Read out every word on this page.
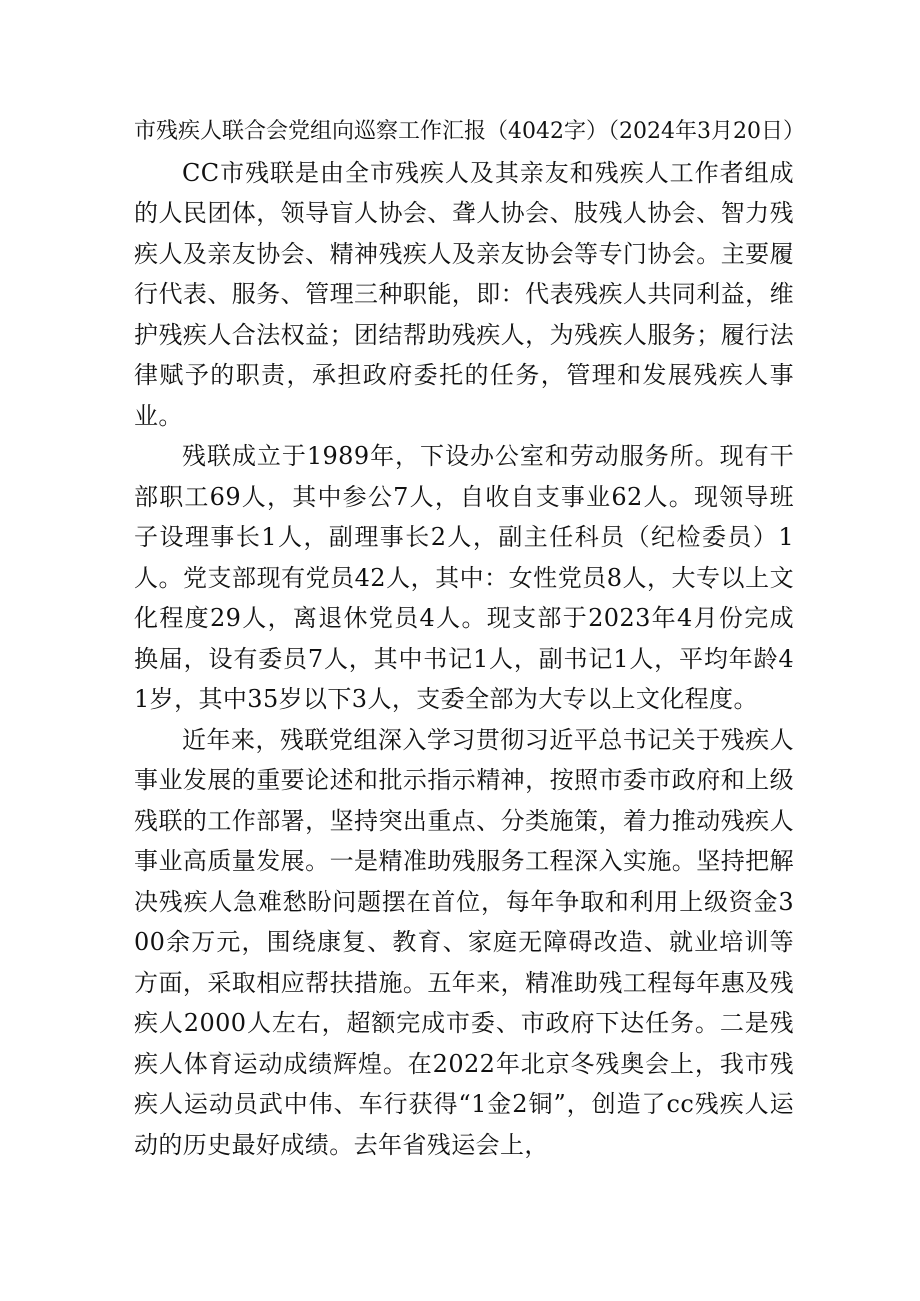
市残疾人联合会党组向巡察工作汇报（4042字）（2024年3月20日）

CC市残联是由全市残疾人及其亲友和残疾人工作者组成的人民团体，领导盲人协会、聋人协会、肢残人协会、智力残疾人及亲友协会、精神残疾人及亲友协会等专门协会。主要履行代表、服务、管理三种职能，即：代表残疾人共同利益，维护残疾人合法权益；团结帮助残疾人，为残疾人服务；履行法律赋予的职责，承担政府委托的任务，管理和发展残疾人事业。

残联成立于1989年，下设办公室和劳动服务所。现有干部职工69人，其中参公7人，自收自支事业62人。现领导班子设理事长1人，副理事长2人，副主任科员（纪检委员）1人。党支部现有党员42人，其中：女性党员8人，大专以上文化程度29人，离退休党员4人。现支部于2023年4月份完成换届，设有委员7人，其中书记1人，副书记1人，平均年龄41岁，其中35岁以下3人，支委全部为大专以上文化程度。

近年来，残联党组深入学习贯彻习近平总书记关于残疾人事业发展的重要论述和批示指示精神，按照市委市政府和上级残联的工作部署，坚持突出重点、分类施策，着力推动残疾人事业高质量发展。一是精准助残服务工程深入实施。坚持把解决残疾人急难愁盼问题摆在首位，每年争取和利用上级资金300余万元，围绕康复、教育、家庭无障碍改造、就业培训等方面，采取相应帮扶措施。五年来，精准助残工程每年惠及残疾人2000人左右，超额完成市委、市政府下达任务。二是残疾人体育运动成绩辉煌。在2022年北京冬残奥会上，我市残疾人运动员武中伟、车行获得“1金2铜”，创造了cc残疾人运动的历史最好成绩。去年省残运会上，
